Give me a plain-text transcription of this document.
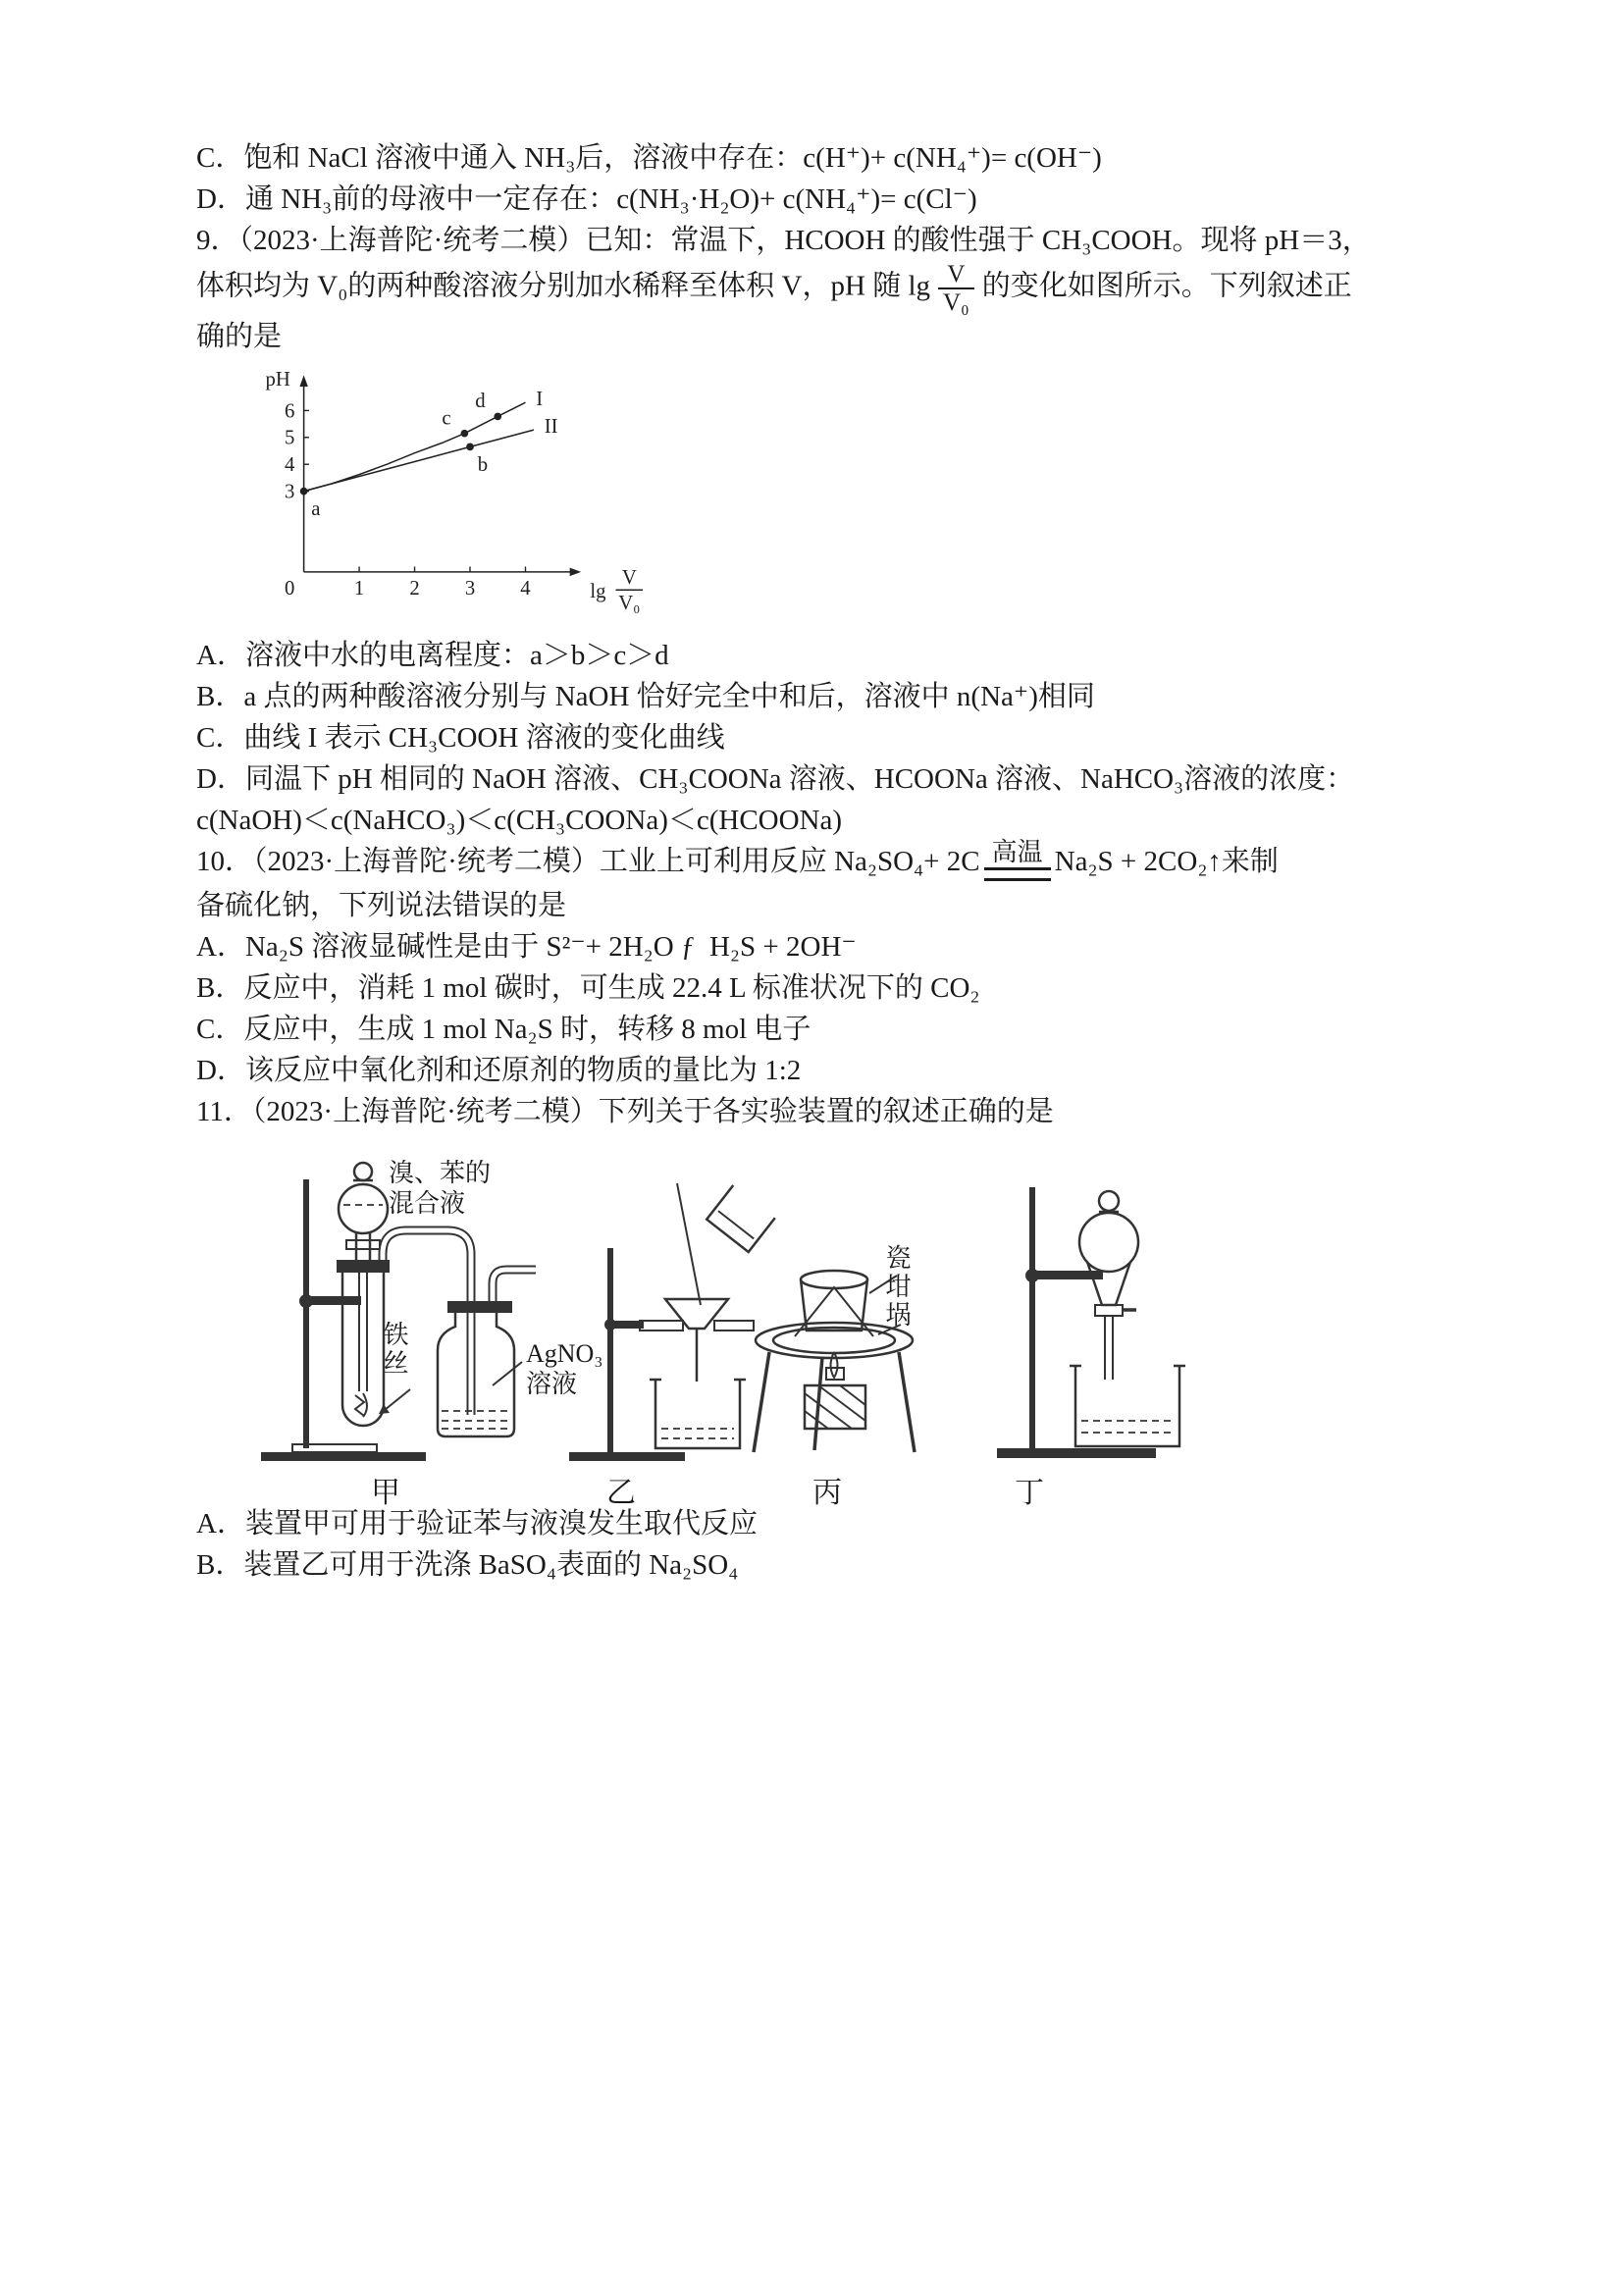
C．饱和 NaCl 溶液中通入 NH₃后，溶液中存在：c(H⁺)+ c(NH₄⁺)= c(OH⁻)

D．通 NH₃前的母液中一定存在：c(NH₃·H₂O)+ c(NH₄⁺)= c(Cl⁻)

9．（2023·上海普陀·统考二模）已知：常温下，HCOOH 的酸性强于 CH₃COOH。现将 pH＝3，体积均为 V₀的两种酸溶液分别加水稀释至体积 V，pH 随 $\lg \frac{V}{\text{V₀}}$ 的变化如图所示。下列叙述正确的是

1 2 3 4
3
4
5
6
0
pH
lg
V
V₀
I
II
a
b
c
d

A．溶液中水的电离程度：a＞b＞c＞d

B．a 点的两种酸溶液分别与 NaOH 恰好完全中和后，溶液中 n(Na⁺)相同

C．曲线 I 表示 CH₃COOH 溶液的变化曲线

D．同温下 pH 相同的 NaOH 溶液、CH₃COONa 溶液、HCOONa 溶液、NaHCO₃溶液的浓度：c(NaOH)＜c(NaHCO₃)＜c(CH₃COONa)＜c(HCOONa)

10．（2023·上海普陀·统考二模）工业上可利用反应 Na₂SO₄+ 2C 高温 Na₂S + 2CO₂↑来制

备硫化钠，下列说法错误的是

A．Na₂S 溶液显碱性是由于 S²⁻+ 2H₂O ƒ  H₂S + 2OH⁻

B．反应中，消耗 1 mol 碳时，可生成 22.4 L 标准状况下的 CO₂

C．反应中，生成 1 mol Na₂S 时，转移 8 mol 电子

D．该反应中氧化剂和还原剂的物质的量比为 1:2

11．（2023·上海普陀·统考二模）下列关于各实验装置的叙述正确的是

溴、苯的
混合液
铁丝	AgNO₃
溶液
瓷坩埚
甲	乙	丙	丁

A．装置甲可用于验证苯与液溴发生取代反应

B．装置乙可用于洗涤 BaSO₄表面的 Na₂SO₄
